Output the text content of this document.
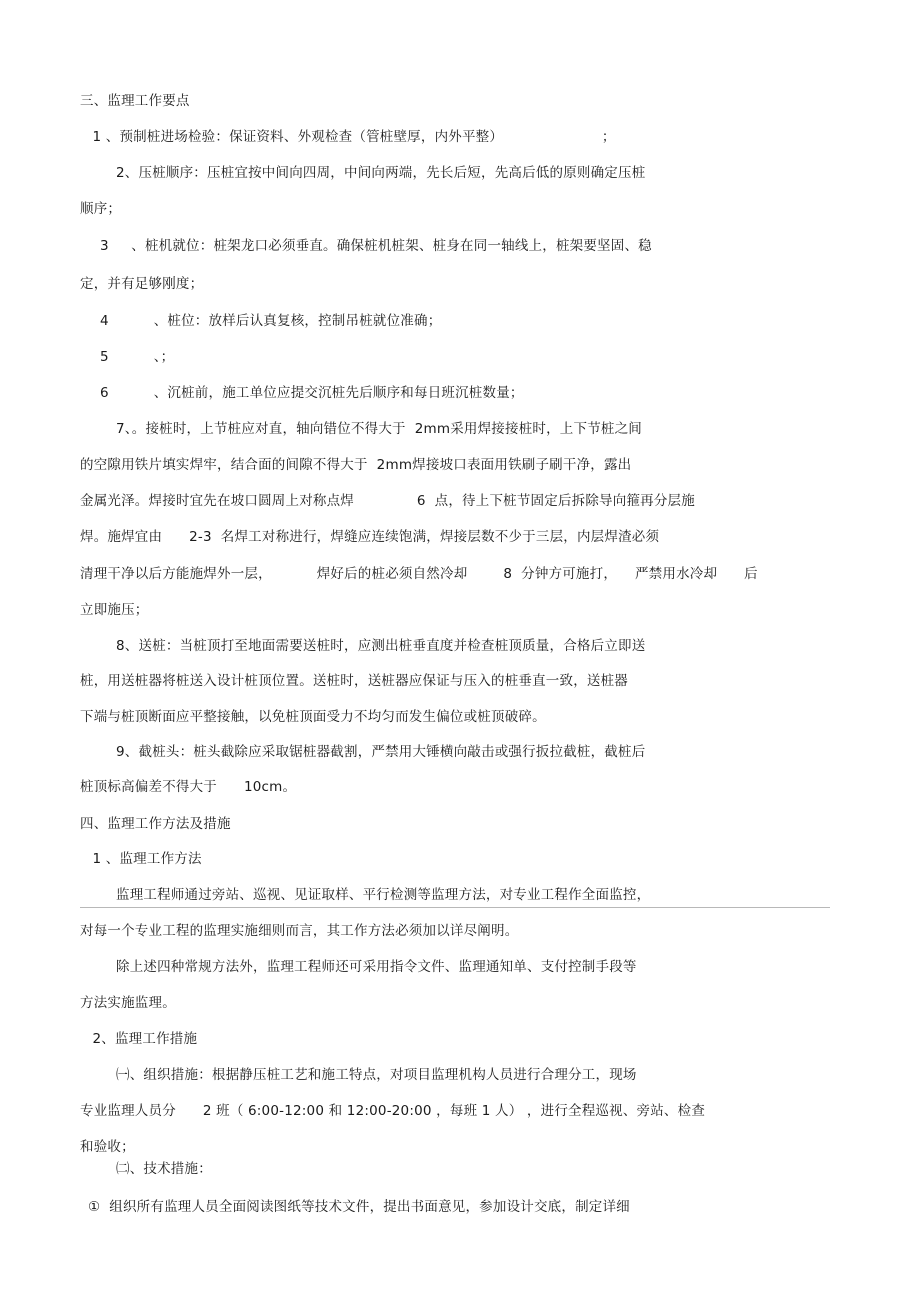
三、监理工作要点
1 、预制桩进场检验：保证资料、外观检查（管桩壁厚，内外平整）                      ；
2、压桩顺序：压桩宜按中间向四周，中间向两端，先长后短，先高后低的原则确定压桩
顺序；
3     、桩机就位：桩架龙口必须垂直。确保桩机桩架、桩身在同一轴线上，桩架要坚固、稳
定，并有足够刚度；
4          、桩位：放样后认真复核，控制吊桩就位准确；
5          、；
6          、沉桩前，施工单位应提交沉桩先后顺序和每日班沉桩数量；
7、。接桩时，上节桩应对直，轴向错位不得大于  2mm采用焊接接桩时，上下节桩之间
的空隙用铁片填实焊牢，结合面的间隙不得大于  2mm焊接坡口表面用铁刷子刷干净，露出
金属光泽。焊接时宜先在坡口圆周上对称点焊              6  点，待上下桩节固定后拆除导向箍再分层施
焊。施焊宜由      2-3  名焊工对称进行，焊缝应连续饱满，焊接层数不少于三层，内层焊渣必须
清理干净以后方能施焊外一层，          焊好后的桩必须自然冷却        8  分钟方可施打，    严禁用水冷却      后
立即施压；
8、送桩：当桩顶打至地面需要送桩时，应测出桩垂直度并检查桩顶质量，合格后立即送
桩，用送桩器将桩送入设计桩顶位置。送桩时，送桩器应保证与压入的桩垂直一致，送桩器
下端与桩顶断面应平整接触，以免桩顶面受力不均匀而发生偏位或桩顶破碎。
9、截桩头：桩头截除应采取锯桩器截割，严禁用大锤横向敲击或强行扳拉截桩，截桩后
桩顶标高偏差不得大于      10cm。
四、监理工作方法及措施
1 、监理工作方法
监理工程师通过旁站、巡视、见证取样、平行检测等监理方法，对专业工程作全面监控，
对每一个专业工程的监理实施细则而言，其工作方法必须加以详尽阐明。
除上述四种常规方法外，监理工程师还可采用指令文件、监理通知单、支付控制手段等
方法实施监理。
2、监理工作措施
㈠、组织措施：根据静压桩工艺和施工特点，对项目监理机构人员进行合理分工，现场
专业监理人员分      2 班（ 6:00-12:00 和 12:00-20:00 ，每班 1 人） ，进行全程巡视、旁站、检查
和验收；
㈡、技术措施：
①  组织所有监理人员全面阅读图纸等技术文件，提出书面意见，参加设计交底，制定详细
